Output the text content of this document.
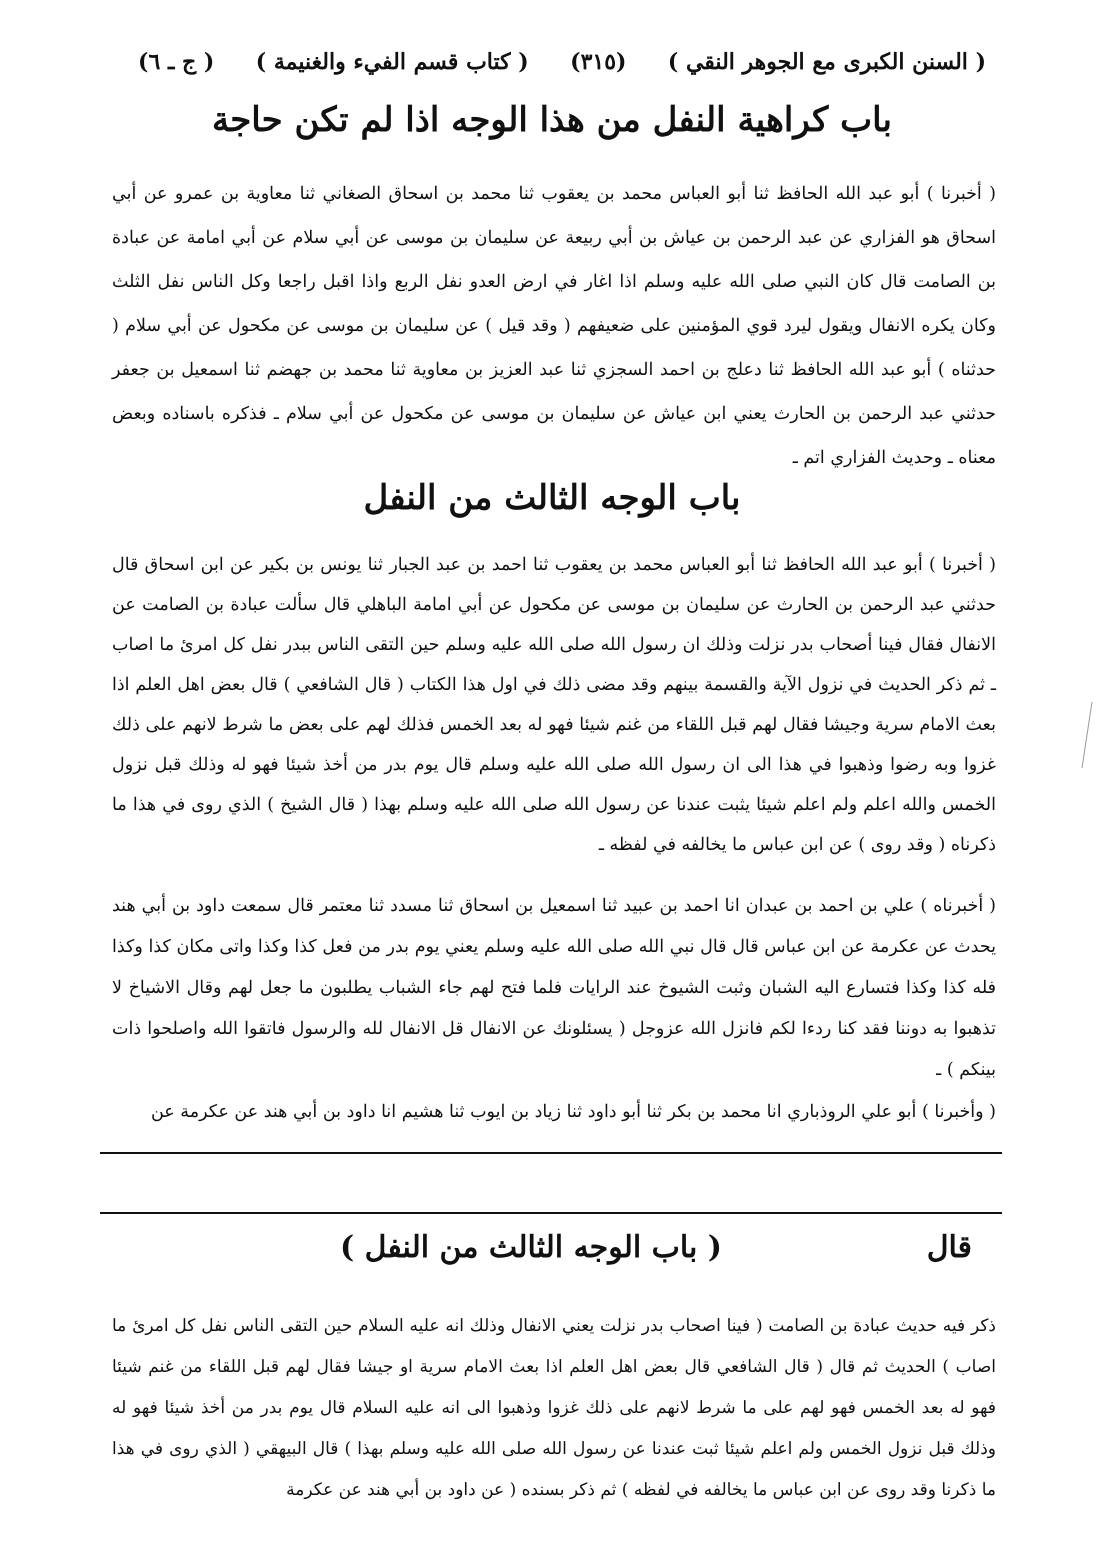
( السنن الكبرى مع الجوهر النقي )
(٣١٥)
( كتاب قسم الفيء والغنيمة )
( ج ـ ٦)
باب كراهية النفل من هذا الوجه اذا لم تكن حاجة

( أخبرنا ) أبو عبد الله الحافظ ثنا أبو العباس محمد بن يعقوب ثنا محمد بن اسحاق الصغاني ثنا معاوية بن عمرو عن أبي اسحاق هو الفزاري عن عبد الرحمن بن عياش بن أبي ربيعة عن سليمان بن موسى عن أبي سلام عن أبي امامة عن عبادة بن الصامت قال كان النبي صلى الله عليه وسلم اذا اغار في ارض العدو نفل الربع واذا اقبل راجعا وكل الناس نفل الثلث وكان يكره الانفال ويقول ليرد قوي المؤمنين على ضعيفهم ( وقد قيل ) عن سليمان بن موسى عن مكحول عن أبي سلام ( حدثناه ) أبو عبد الله الحافظ ثنا دعلج بن احمد السجزي ثنا عبد العزيز بن معاوية ثنا محمد بن جهضم ثنا اسمعيل بن جعفر حدثني عبد الرحمن بن الحارث يعني ابن عياش عن سليمان بن موسى عن مكحول عن أبي سلام ـ فذكره باسناده وبعض معناه ـ وحديث الفزاري اتم ـ

باب الوجه الثالث من النفل

( أخبرنا ) أبو عبد الله الحافظ ثنا أبو العباس محمد بن يعقوب ثنا احمد بن عبد الجبار ثنا يونس بن بكير عن ابن اسحاق قال حدثني عبد الرحمن بن الحارث عن سليمان بن موسى عن مكحول عن أبي امامة الباهلي قال سألت عبادة بن الصامت عن الانفال فقال فينا أصحاب بدر نزلت وذلك ان رسول الله صلى الله عليه وسلم حين التقى الناس ببدر نفل كل امرئ ما اصاب ـ ثم ذكر الحديث في نزول الآية والقسمة بينهم وقد مضى ذلك في اول هذا الكتاب ( قال الشافعي ) قال بعض اهل العلم اذا بعث الامام سرية وجيشا فقال لهم قبل اللقاء من غنم شيئا فهو له بعد الخمس فذلك لهم على بعض ما شرط لانهم على ذلك غزوا وبه رضوا وذهبوا في هذا الى ان رسول الله صلى الله عليه وسلم قال يوم بدر من أخذ شيئا فهو له وذلك قبل نزول الخمس والله اعلم ولم اعلم شيئا يثبت عندنا عن رسول الله صلى الله عليه وسلم بهذا ( قال الشيخ ) الذي روى في هذا ما ذكرناه ( وقد روى ) عن ابن عباس ما يخالفه في لفظه ـ

( أخبرناه ) علي بن احمد بن عبدان انا احمد بن عبيد ثنا اسمعيل بن اسحاق ثنا مسدد ثنا معتمر قال سمعت داود بن أبي هند يحدث عن عكرمة عن ابن عباس قال قال نبي الله صلى الله عليه وسلم يعني يوم بدر من فعل كذا وكذا واتى مكان كذا وكذا فله كذا وكذا فتسارع اليه الشبان وثبت الشيوخ عند الرايات فلما فتح لهم جاء الشباب يطلبون ما جعل لهم وقال الاشياخ لا تذهبوا به دوننا فقد كنا ردءا لكم فانزل الله عزوجل ( يسئلونك عن الانفال قل الانفال لله والرسول فاتقوا الله واصلحوا ذات بينكم ) ـ

( وأخبرنا ) أبو علي الروذباري انا محمد بن بكر ثنا أبو داود ثنا زياد بن ايوب ثنا هشيم انا داود بن أبي هند عن عكرمة عن

قال
( باب الوجه الثالث من النفل )

ذكر فيه حديث عبادة بن الصامت ( فينا اصحاب بدر نزلت يعني الانفال وذلك انه عليه السلام حين التقى الناس نفل كل امرئ ما اصاب ) الحديث ثم قال ( قال الشافعي قال بعض اهل العلم اذا بعث الامام سرية او جيشا فقال لهم قبل اللقاء من غنم شيئا فهو له بعد الخمس فهو لهم على ما شرط لانهم على ذلك غزوا وذهبوا الى انه عليه السلام قال يوم بدر من أخذ شيئا فهو له وذلك قبل نزول الخمس ولم اعلم شيئا ثبت عندنا عن رسول الله صلى الله عليه وسلم بهذا ) قال البيهقي ( الذي روى في هذا ما ذكرنا وقد روى عن ابن عباس ما يخالفه في لفظه ) ثم ذكر بسنده ( عن داود بن أبي هند عن عكرمة
